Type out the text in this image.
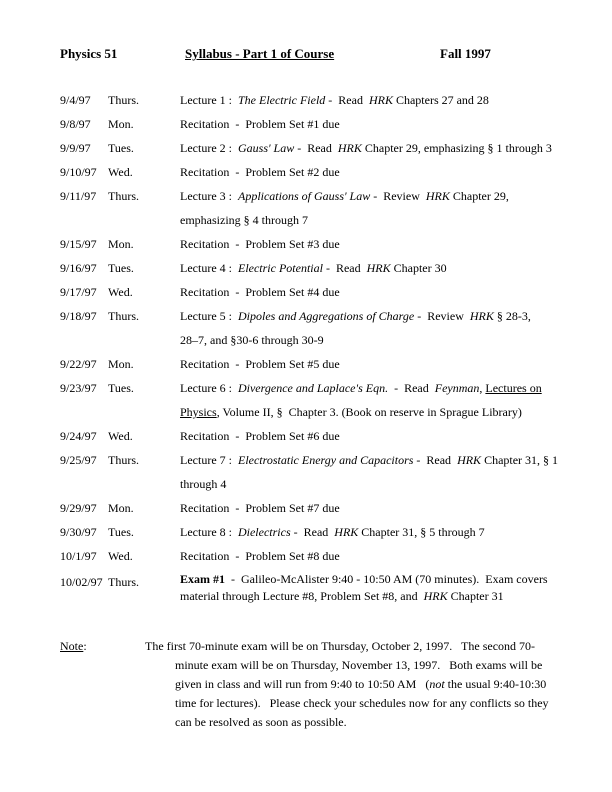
Physics 51	Syllabus - Part 1 of Course	Fall 1997
9/4/97	Thurs.	Lecture 1 :  The Electric Field -  Read  HRK Chapters 27 and 28
9/8/97	Mon.	Recitation  -  Problem Set #1 due
9/9/97	Tues.	Lecture 2 :  Gauss' Law -  Read  HRK Chapter 29, emphasizing § 1 through 3
9/10/97 Wed.	Recitation  -  Problem Set #2 due
9/11/97 Thurs.	Lecture 3 :  Applications of Gauss' Law -  Review  HRK Chapter 29,
emphasizing § 4 through 7
9/15/97 Mon.	Recitation  -  Problem Set #3 due
9/16/97 Tues.	Lecture 4 :  Electric Potential -  Read  HRK Chapter 30
9/17/97 Wed.	Recitation  -  Problem Set #4 due
9/18/97 Thurs.	Lecture 5 :  Dipoles and Aggregations of Charge -  Review  HRK § 28-3,
28–7, and §30-6 through 30-9
9/22/97 Mon.	Recitation  -  Problem Set #5 due
9/23/97 Tues.	Lecture 6 :  Divergence and Laplace's Eqn.  -  Read  Feynman, Lectures on
Physics, Volume II, §  Chapter 3. (Book on reserve in Sprague Library)
9/24/97 Wed.	Recitation  -  Problem Set #6 due
9/25/97 Thurs.	Lecture 7 :  Electrostatic Energy and Capacitors -  Read  HRK Chapter 31, § 1
through 4
9/29/97 Mon.	Recitation  -  Problem Set #7 due
9/30/97 Tues.	Lecture 8 :  Dielectrics -  Read  HRK Chapter 31, § 5 through 7
10/1/97 Wed.	Recitation  -  Problem Set #8 due
10/02/97 Thurs.	Exam #1  -  Galileo-McAlister 9:40 - 10:50 AM (70 minutes).  Exam covers
material through Lecture #8, Problem Set #8, and  HRK Chapter 31
Note:	The first 70-minute exam will be on Thursday, October 2, 1997.   The second 70-
minute exam will be on Thursday, November 13, 1997.   Both exams will be
given in class and will run from 9:40 to 10:50 AM   (not the usual 9:40-10:30
time for lectures).   Please check your schedules now for any conflicts so they
can be resolved as soon as possible.
